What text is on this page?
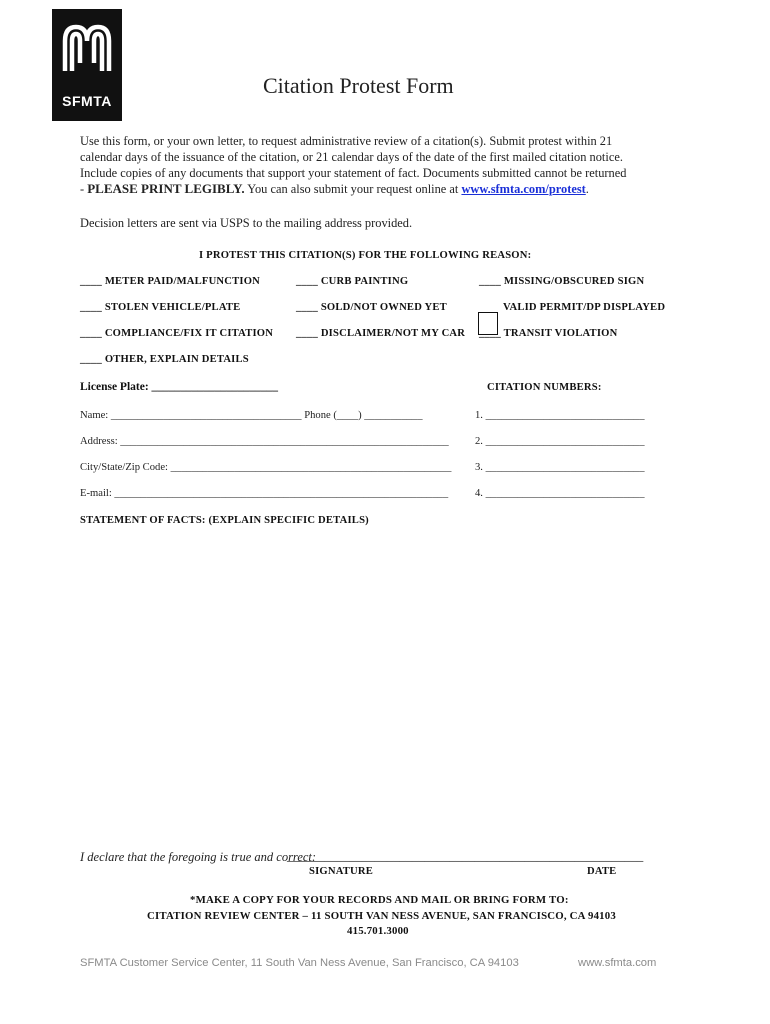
SFMTA
Citation Protest Form
Use this form, or your own letter, to request administrative review of a citation(s). Submit protest within 21
calendar days of the issuance of the citation, or 21 calendar days of the date of the first mailed citation notice.
Include copies of any documents that support your statement of fact. Documents submitted cannot be returned
- PLEASE PRINT LEGIBLY. You can also submit your request online at www.sfmta.com/protest.
Decision letters are sent via USPS to the mailing address provided.
I PROTEST THIS CITATION(S) FOR THE FOLLOWING REASON:
____ METER PAID/MALFUNCTION	____ CURB PAINTING	____ MISSING/OBSCURED SIGN
____ STOLEN VEHICLE/PLATE	____ SOLD/NOT OWNED YET	VALID PERMIT/DP DISPLAYED
____ COMPLIANCE/FIX IT CITATION ____ DISCLAIMER/NOT MY CAR ____ TRANSIT VIOLATION
____ OTHER, EXPLAIN DETAILS
License Plate: ______________________	CITATION NUMBERS:
Name: ____________________________________ Phone (____) ___________
Address: ______________________________________________________________
City/State/Zip Code: _____________________________________________________
E-mail: _______________________________________________________________
1. ______________________________
2. ______________________________
3. ______________________________
4. ______________________________
STATEMENT OF FACTS: (EXPLAIN SPECIFIC DETAILS)
I declare that the foregoing is true and correct:
_________________________________________________________
SIGNATURE	DATE
*MAKE A COPY FOR YOUR RECORDS AND MAIL OR BRING FORM TO:
CITATION REVIEW CENTER – 11 SOUTH VAN NESS AVENUE, SAN FRANCISCO, CA 94103
415.701.3000
SFMTA Customer Service Center, 11 South Van Ness Avenue, San Francisco, CA 94103	www.sfmta.com
